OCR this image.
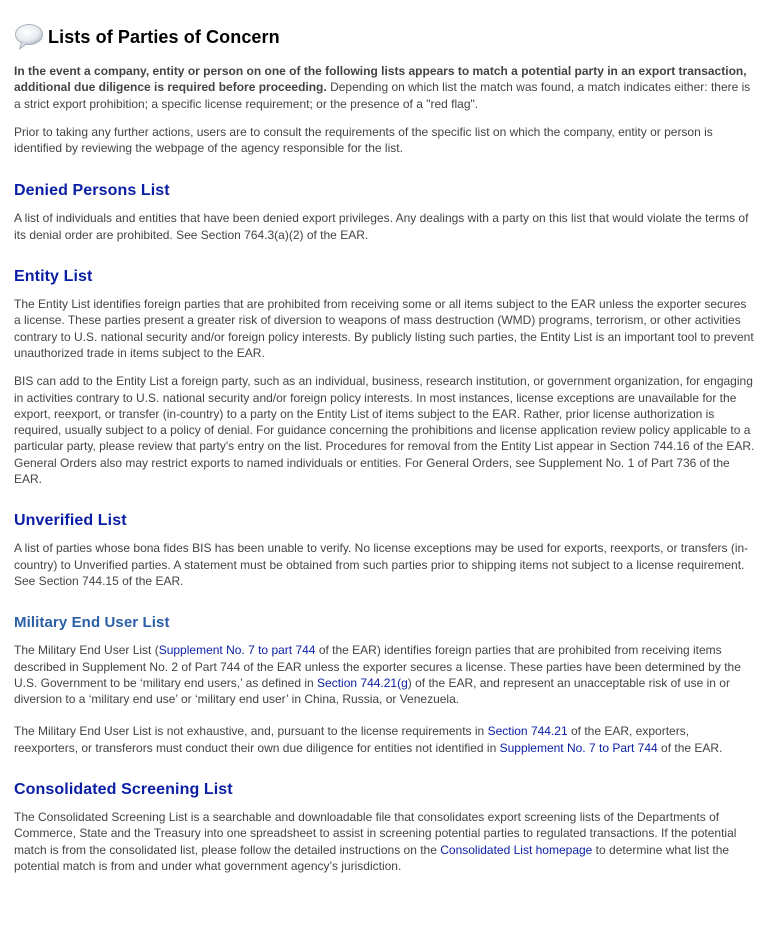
Lists of Parties of Concern

In the event a company, entity or person on one of the following lists appears to match a potential party in an export transaction, additional due diligence is required before proceeding. Depending on which list the match was found, a match indicates either: there is a strict export prohibition; a specific license requirement; or the presence of a "red flag".

Prior to taking any further actions, users are to consult the requirements of the specific list on which the company, entity or person is identified by reviewing the webpage of the agency responsible for the list.

Denied Persons List

A list of individuals and entities that have been denied export privileges. Any dealings with a party on this list that would violate the terms of its denial order are prohibited. See Section 764.3(a)(2) of the EAR.

Entity List

The Entity List identifies foreign parties that are prohibited from receiving some or all items subject to the EAR unless the exporter secures a license. These parties present a greater risk of diversion to weapons of mass destruction (WMD) programs, terrorism, or other activities contrary to U.S. national security and/or foreign policy interests. By publicly listing such parties, the Entity List is an important tool to prevent unauthorized trade in items subject to the EAR.

BIS can add to the Entity List a foreign party, such as an individual, business, research institution, or government organization, for engaging in activities contrary to U.S. national security and/or foreign policy interests. In most instances, license exceptions are unavailable for the export, reexport, or transfer (in-country) to a party on the Entity List of items subject to the EAR. Rather, prior license authorization is required, usually subject to a policy of denial. For guidance concerning the prohibitions and license application review policy applicable to a particular party, please review that party's entry on the list. Procedures for removal from the Entity List appear in Section 744.16 of the EAR. General Orders also may restrict exports to named individuals or entities. For General Orders, see Supplement No. 1 of Part 736 of the EAR.

Unverified List

A list of parties whose bona fides BIS has been unable to verify. No license exceptions may be used for exports, reexports, or transfers (in-country) to Unverified parties. A statement must be obtained from such parties prior to shipping items not subject to a license requirement. See Section 744.15 of the EAR.

Military End User List

The Military End User List (Supplement No. 7 to part 744 of the EAR) identifies foreign parties that are prohibited from receiving items described in Supplement No. 2 of Part 744 of the EAR unless the exporter secures a license. These parties have been determined by the U.S. Government to be ‘military end users,’ as defined in Section 744.21(g) of the EAR, and represent an unacceptable risk of use in or diversion to a ‘military end use’ or ‘military end user’ in China, Russia, or Venezuela.

The Military End User List is not exhaustive, and, pursuant to the license requirements in Section 744.21 of the EAR, exporters, reexporters, or transferors must conduct their own due diligence for entities not identified in Supplement No. 7 to Part 744 of the EAR.

Consolidated Screening List

The Consolidated Screening List is a searchable and downloadable file that consolidates export screening lists of the Departments of Commerce, State and the Treasury into one spreadsheet to assist in screening potential parties to regulated transactions. If the potential match is from the consolidated list, please follow the detailed instructions on the Consolidated List homepage to determine what list the potential match is from and under what government agency’s jurisdiction.
